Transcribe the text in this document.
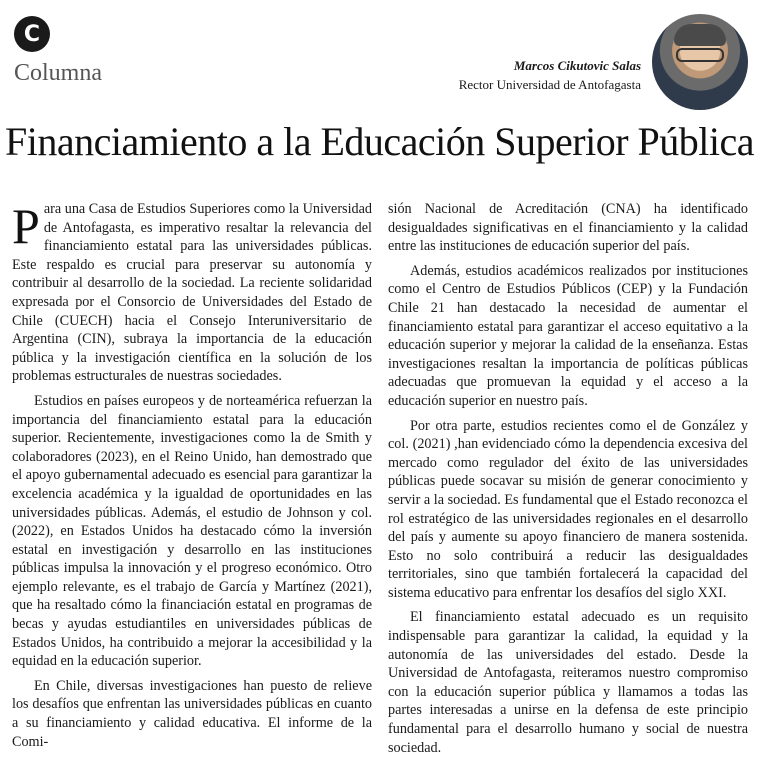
C
Columna	Marcos Cikutovic Salas
Rector Universidad de Antofagasta
Financiamiento a la Educación Superior Pública

Para una Casa de Estudios Superiores como la Universidad de Antofagasta, es imperativo resaltar la relevancia del financiamiento estatal para las universidades públicas. Este respaldo es crucial para preservar su autonomía y contribuir al desarrollo de la sociedad. La reciente solidaridad expresada por el Consorcio de Universidades del Estado de Chile (CUECH) hacia el Consejo Interuniversitario de Argentina (CIN), subraya la importancia de la educación pública y la investigación científica en la solución de los problemas estructurales de nuestras sociedades.

Estudios en países europeos y de norteamérica refuerzan la importancia del financiamiento estatal para la educación superior. Recientemente, investigaciones como la de Smith y colaboradores (2023), en el Reino Unido, han demostrado que el apoyo gubernamental adecuado es esencial para garantizar la excelencia académica y la igualdad de oportunidades en las universidades públicas. Además, el estudio de Johnson y col. (2022), en Estados Unidos ha destacado cómo la inversión estatal en investigación y desarrollo en las instituciones públicas impulsa la innovación y el progreso económico. Otro ejemplo relevante, es el trabajo de García y Martínez (2021), que ha resaltado cómo la financiación estatal en programas de becas y ayudas estudiantiles en universidades públicas de Estados Unidos, ha contribuido a mejorar la accesibilidad y la equidad en la educación superior.

En Chile, diversas investigaciones han puesto de relieve los desafíos que enfrentan las universidades públicas en cuanto a su financiamiento y calidad educativa. El informe de la Comi-

sión Nacional de Acreditación (CNA) ha identificado desigualdades significativas en el financiamiento y la calidad entre las instituciones de educación superior del país.

Además, estudios académicos realizados por instituciones como el Centro de Estudios Públicos (CEP) y la Fundación Chile 21 han destacado la necesidad de aumentar el financiamiento estatal para garantizar el acceso equitativo a la educación superior y mejorar la calidad de la enseñanza. Estas investigaciones resaltan la importancia de políticas públicas adecuadas que promuevan la equidad y el acceso a la educación superior en nuestro país.

Por otra parte, estudios recientes como el de González y col. (2021) ,han evidenciado cómo la dependencia excesiva del mercado como regulador del éxito de las universidades públicas puede socavar su misión de generar conocimiento y servir a la sociedad. Es fundamental que el Estado reconozca el rol estratégico de las universidades regionales en el desarrollo del país y aumente su apoyo financiero de manera sostenida. Esto no solo contribuirá a reducir las desigualdades territoriales, sino que también fortalecerá la capacidad del sistema educativo para enfrentar los desafíos del siglo XXI.

El financiamiento estatal adecuado es un requisito indispensable para garantizar la calidad, la equidad y la autonomía de las universidades del estado. Desde la Universidad de Antofagasta, reiteramos nuestro compromiso con la educación superior pública y llamamos a todas las partes interesadas a unirse en la defensa de este principio fundamental para el desarrollo humano y social de nuestra sociedad.
